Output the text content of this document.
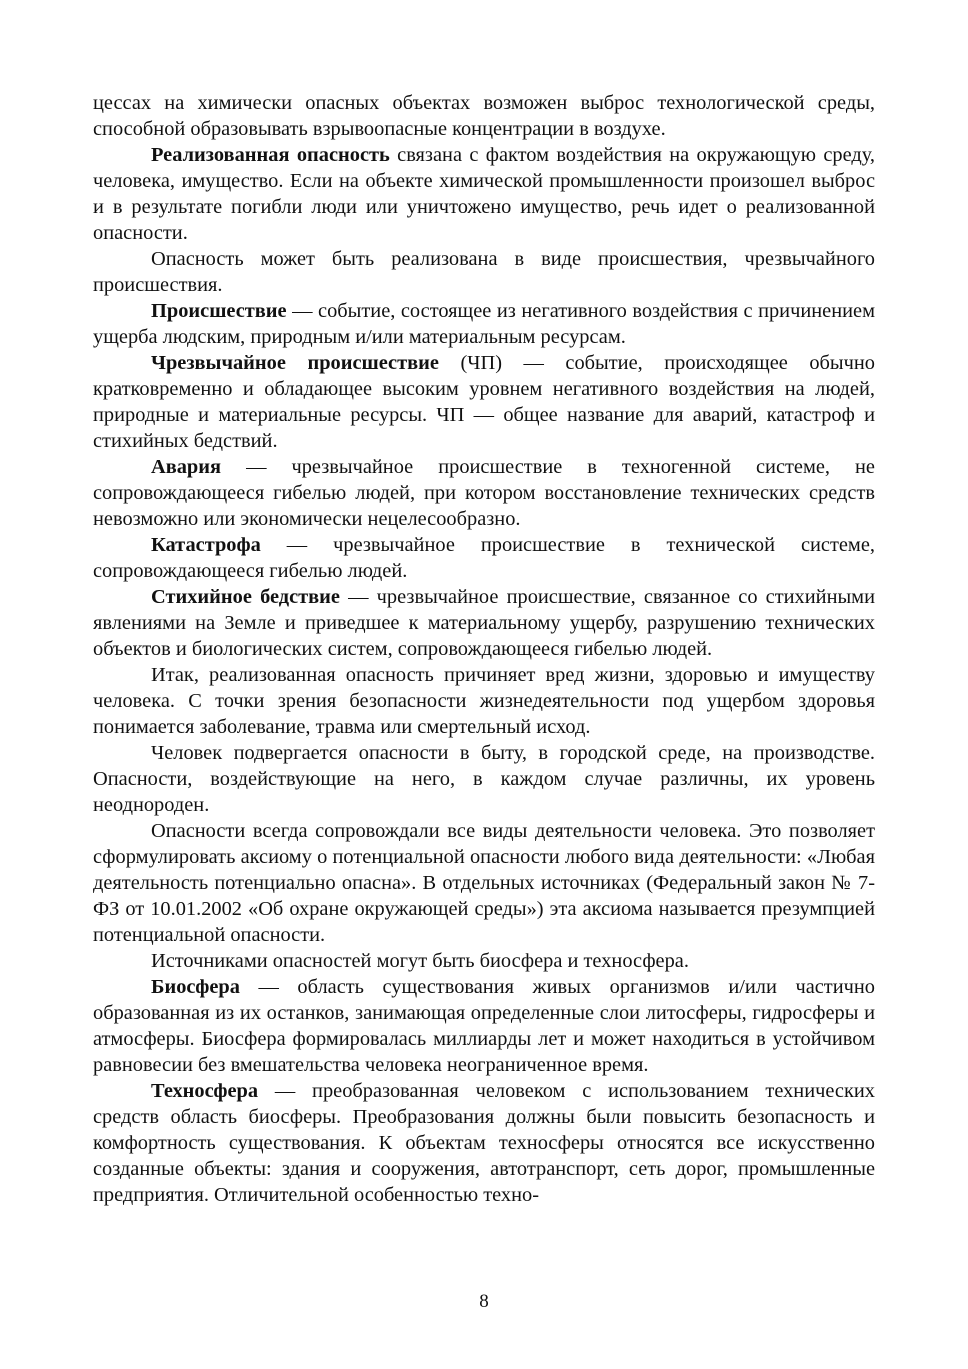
цессах на химически опасных объектах возможен выброс технологической среды, способной образовывать взрывоопасные концентрации в воздухе.

Реализованная опасность связана с фактом воздействия на окружающую среду, человека, имущество. Если на объекте химической промышленности произошел выброс и в результате погибли люди или уничтожено имущество, речь идет о реализованной опасности.

Опасность может быть реализована в виде происшествия, чрезвычайного происшествия.

Происшествие — событие, состоящее из негативного воздействия с причинением ущерба людским, природным и/или материальным ресурсам.

Чрезвычайное происшествие (ЧП) — событие, происходящее обычно кратковременно и обладающее высоким уровнем негативного воздействия на людей, природные и материальные ресурсы. ЧП — общее название для аварий, катастроф и стихийных бедствий.

Авария — чрезвычайное происшествие в техногенной системе, не сопровождающееся гибелью людей, при котором восстановление технических средств невозможно или экономически нецелесообразно.

Катастрофа — чрезвычайное происшествие в технической системе, сопровождающееся гибелью людей.

Стихийное бедствие — чрезвычайное происшествие, связанное со стихийными явлениями на Земле и приведшее к материальному ущербу, разрушению технических объектов и биологических систем, сопровождающееся гибелью людей.

Итак, реализованная опасность причиняет вред жизни, здоровью и имуществу человека. С точки зрения безопасности жизнедеятельности под ущербом здоровья понимается заболевание, травма или смертельный исход.

Человек подвергается опасности в быту, в городской среде, на производстве. Опасности, воздействующие на него, в каждом случае различны, их уровень неоднороден.

Опасности всегда сопровождали все виды деятельности человека. Это позволяет сформулировать аксиому о потенциальной опасности любого вида деятельности: «Любая деятельность потенциально опасна». В отдельных источниках (Федеральный закон № 7-ФЗ от 10.01.2002 «Об охране окружающей среды») эта аксиома называется презумпцией потенциальной опасности.

Источниками опасностей могут быть биосфера и техносфера.

Биосфера — область существования живых организмов и/или частично образованная из их останков, занимающая определенные слои литосферы, гидросферы и атмосферы. Биосфера формировалась миллиарды лет и может находиться в устойчивом равновесии без вмешательства человека неограниченное время.

Техносфера — преобразованная человеком с использованием технических средств область биосферы. Преобразования должны были повысить безопасность и комфортность существования. К объектам техносферы относятся все искусственно созданные объекты: здания и сооружения, автотранспорт, сеть дорог, промышленные предприятия. Отличительной особенностью техно-

8
